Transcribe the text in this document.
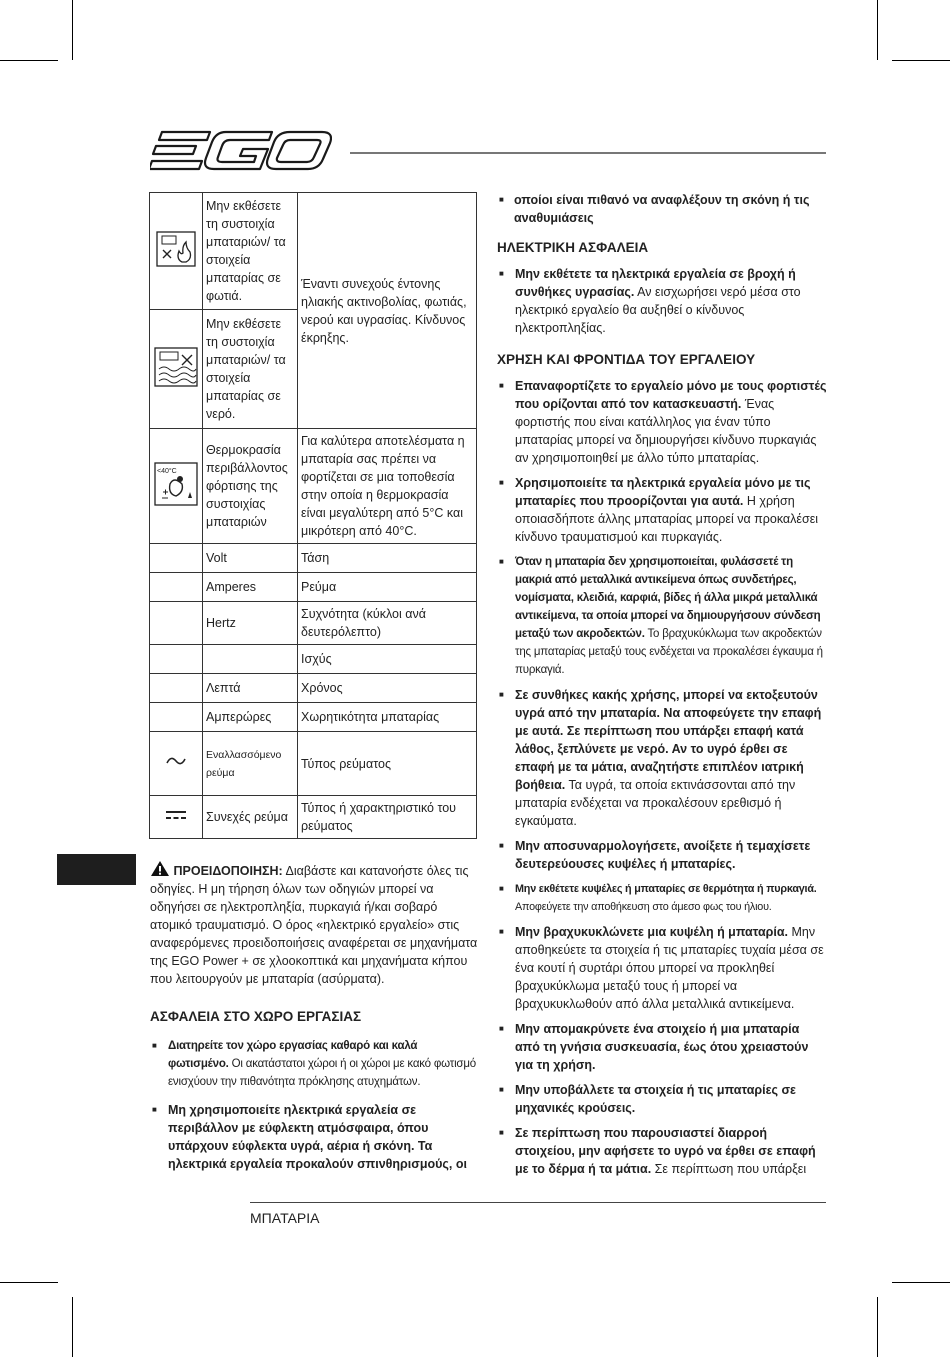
	Μην εκθέσετε τη συστοιχία μπαταριών/ τα στοιχεία μπαταρίας σε φωτιά.	Έναντι συνεχούς έντονης ηλιακής ακτινοβολίας, φωτιάς, νερού και υγρασίας. Κίνδυνος έκρηξης.
	Μην εκθέσετε τη συστοιχία μπαταριών/ τα στοιχεία μπαταρίας σε νερό.	

<40°C	Θερμοκρασία περιβάλλοντος φόρτισης της συστοιχίας μπαταριών	Για καλύτερα αποτελέσματα η μπαταρία σας πρέπει να φορτίζεται σε μια τοποθεσία στην οποία η θερμοκρασία είναι μεγαλύτερη από 5°C και μικρότερη από 40°C.
	Volt	Τάση
	Amperes	Ρεύμα
	Hertz	Συχνότητα (κύκλοι ανά δευτερόλεπτο)
		Ισχύς
	Λεπτά	Χρόνος
	Αμπερώρες	Χωρητικότητα μπαταρίας
	Εναλλασσόμενο ρεύμα	Τύπος ρεύματος
	Συνεχές ρεύμα	Τύπος ή χαρακτηριστικό του ρεύματος
ΠΡΟΕΙΔΟΠΟΙΗΣΗ: Διαβάστε και κατανοήστε όλες τις οδηγίες. Η μη τήρηση όλων των οδηγιών μπορεί να οδηγήσει σε ηλεκτροπληξία, πυρκαγιά ή/και σοβαρό ατομικό τραυματισμό. Ο όρος «ηλεκτρικό εργαλείο» στις αναφερόμενες προειδοποιήσεις αναφέρεται σε μηχανήματα της EGO Power + σε χλοοκοπτικά και μηχανήματα κήπου που λειτουργούν με μπαταρία (ασύρματα).

ΑΣΦΑΛΕΙΑ ΣΤΟ ΧΩΡΟ ΕΡΓΑΣΙΑΣ

■ Διατηρείτε τον χώρο εργασίας καθαρό και καλά φωτισμένο. Οι ακατάστατοι χώροι ή οι χώροι με κακό φωτισμό ενισχύουν την πιθανότητα πρόκλησης ατυχημάτων.

■ Μη χρησιμοποιείτε ηλεκτρικά εργαλεία σε περιβάλλον με εύφλεκτη ατμόσφαιρα, όπου υπάρχουν εύφλεκτα υγρά, αέρια ή σκόνη. Τα ηλεκτρικά εργαλεία προκαλούν σπινθηρισμούς, οι

■ οποίοι είναι πιθανό να αναφλέξουν τη σκόνη ή τις αναθυμιάσεις

ΗΛΕΚΤΡΙΚΗ ΑΣΦΑΛΕΙΑ

■ Μην εκθέτετε τα ηλεκτρικά εργαλεία σε βροχή ή συνθήκες υγρασίας. Αν εισχωρήσει νερό μέσα στο ηλεκτρικό εργαλείο θα αυξηθεί ο κίνδυνος ηλεκτροπληξίας.

ΧΡΗΣΗ ΚΑΙ ΦΡΟΝΤΙΔΑ ΤΟΥ ΕΡΓΑΛΕΙΟΥ

■ Επαναφορτίζετε το εργαλείο μόνο με τους φορτιστές που ορίζονται από τον κατασκευαστή. Ένας φορτιστής που είναι κατάλληλος για έναν τύπο μπαταρίας μπορεί να δημιουργήσει κίνδυνο πυρκαγιάς αν χρησιμοποιηθεί με άλλο τύπο μπαταρίας.

■ Χρησιμοποιείτε τα ηλεκτρικά εργαλεία μόνο με τις μπαταρίες που προορίζονται για αυτά. Η χρήση οποιασδήποτε άλλης μπαταρίας μπορεί να προκαλέσει κίνδυνο τραυματισμού και πυρκαγιάς.

■ Όταν η μπαταρία δεν χρησιμοποιείται, φυλάσσετέ τη μακριά από μεταλλικά αντικείμενα όπως συνδετήρες, νομίσματα, κλειδιά, καρφιά, βίδες ή άλλα μικρά μεταλλικά αντικείμενα, τα οποία μπορεί να δημιουργήσουν σύνδεση μεταξύ των ακροδεκτών. Το βραχυκύκλωμα των ακροδεκτών της μπαταρίας μεταξύ τους ενδέχεται να προκαλέσει έγκαυμα ή πυρκαγιά.

■ Σε συνθήκες κακής χρήσης, μπορεί να εκτοξευτούν υγρά από την μπαταρία. Να αποφεύγετε την επαφή με αυτά. Σε περίπτωση που υπάρξει επαφή κατά λάθος, ξεπλύνετε με νερό. Αν το υγρό έρθει σε επαφή με τα μάτια, αναζητήστε επιπλέον ιατρική βοήθεια. Τα υγρά, τα οποία εκτινάσσονται από την μπαταρία ενδέχεται να προκαλέσουν ερεθισμό ή εγκαύματα.

■ Μην αποσυναρμολογήσετε, ανοίξετε ή τεμαχίσετε δευτερεύουσες κυψέλες ή μπαταρίες.

■ Μην εκθέτετε κυψέλες ή μπαταρίες σε θερμότητα ή πυρκαγιά. Αποφεύγετε την αποθήκευση στο άμεσο φως του ήλιου.

■ Μην βραχυκυκλώνετε μια κυψέλη ή μπαταρία. Μην αποθηκεύετε τα στοιχεία ή τις μπαταρίες τυχαία μέσα σε ένα κουτί ή συρτάρι όπου μπορεί να προκληθεί βραχυκύκλωμα μεταξύ τους ή μπορεί να βραχυκυκλωθούν από άλλα μεταλλικά αντικείμενα.

■ Μην απομακρύνετε ένα στοιχείο ή μια μπαταρία από τη γνήσια συσκευασία, έως ότου χρειαστούν για τη χρήση.

■ Μην υποβάλλετε τα στοιχεία ή τις μπαταρίες σε μηχανικές κρούσεις.

■ Σε περίπτωση που παρουσιαστεί διαρροή στοιχείου, μην αφήσετε το υγρό να έρθει σε επαφή με το δέρμα ή τα μάτια. Σε περίπτωση που υπάρξει

ΜΠΑΤΑΡΙΑ
